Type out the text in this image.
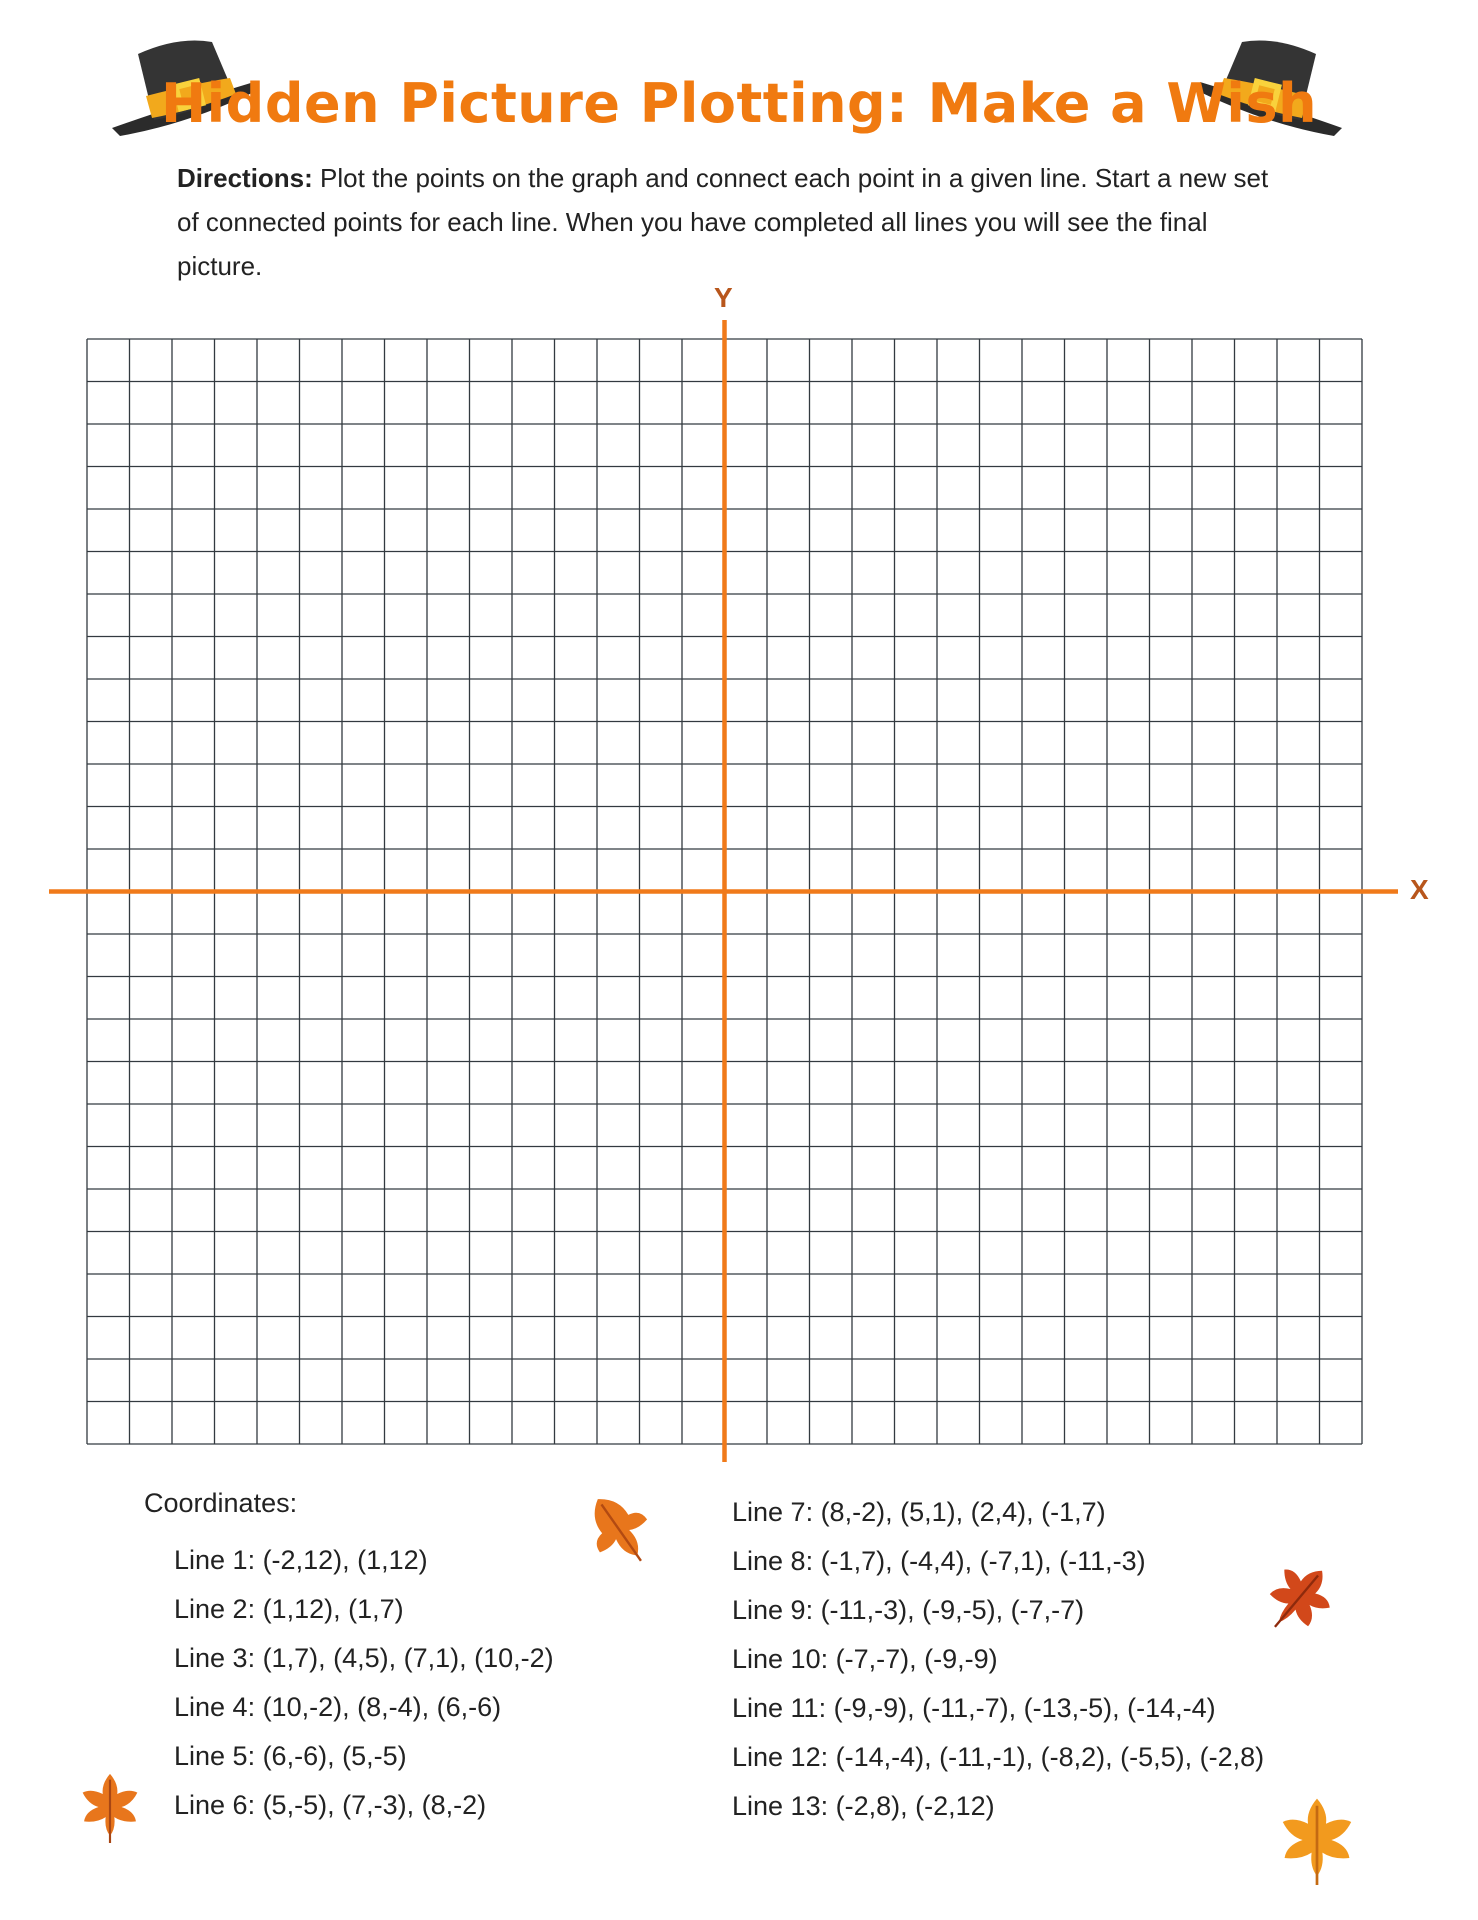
Hidden Picture Plotting: Make a Wish

Directions: Plot the points on the graph and connect each point in a given line. Start a new set of connected points for each line. When you have completed all lines you will see the final picture.

Y
X
Coordinates:
Line 1: (-2,12), (1,12)
Line 2: (1,12), (1,7)
Line 3: (1,7), (4,5), (7,1), (10,-2)
Line 4: (10,-2), (8,-4), (6,-6)
Line 5: (6,-6), (5,-5)
Line 6: (5,-5), (7,-3), (8,-2)
Line 7: (8,-2), (5,1), (2,4), (-1,7)
Line 8: (-1,7), (-4,4), (-7,1), (-11,-3)
Line 9: (-11,-3), (-9,-5), (-7,-7)
Line 10: (-7,-7), (-9,-9)
Line 11: (-9,-9), (-11,-7), (-13,-5), (-14,-4)
Line 12: (-14,-4), (-11,-1), (-8,2), (-5,5), (-2,8)
Line 13: (-2,8), (-2,12)
